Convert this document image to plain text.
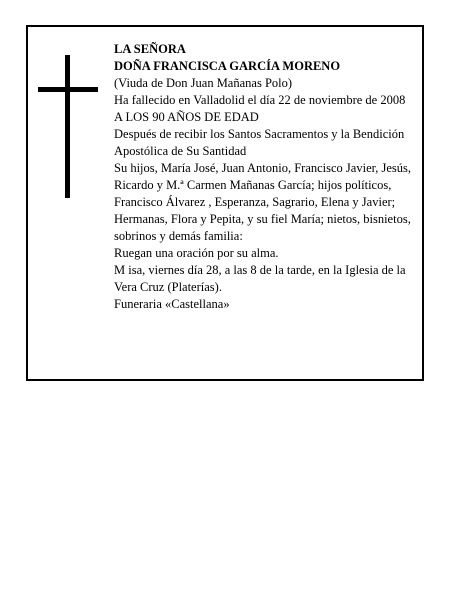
LA SEÑORA

DOÑA FRANCISCA GARCÍA MORENO

(Viuda de Don Juan Mañanas Polo)

Ha fallecido en Valladolid el día 22 de noviembre de 2008

A LOS 90 AÑOS DE EDAD

Después de recibir los Santos Sacramentos y la Bendición Apostólica de Su Santidad

Su hijos, María José, Juan Antonio, Francisco Javier, Jesús, Ricardo y M.ª Carmen Mañanas García; hijos políticos, Francisco Álvarez , Esperanza, Sagrario, Elena y Javier; Hermanas, Flora y Pepita, y su fiel María; nietos, bisnietos, sobrinos y demás familia:

Ruegan una oración por su alma.

M isa, viernes día 28, a las 8 de la tarde, en la Iglesia de la Vera Cruz (Platerías).

Funeraria «Castellana»
